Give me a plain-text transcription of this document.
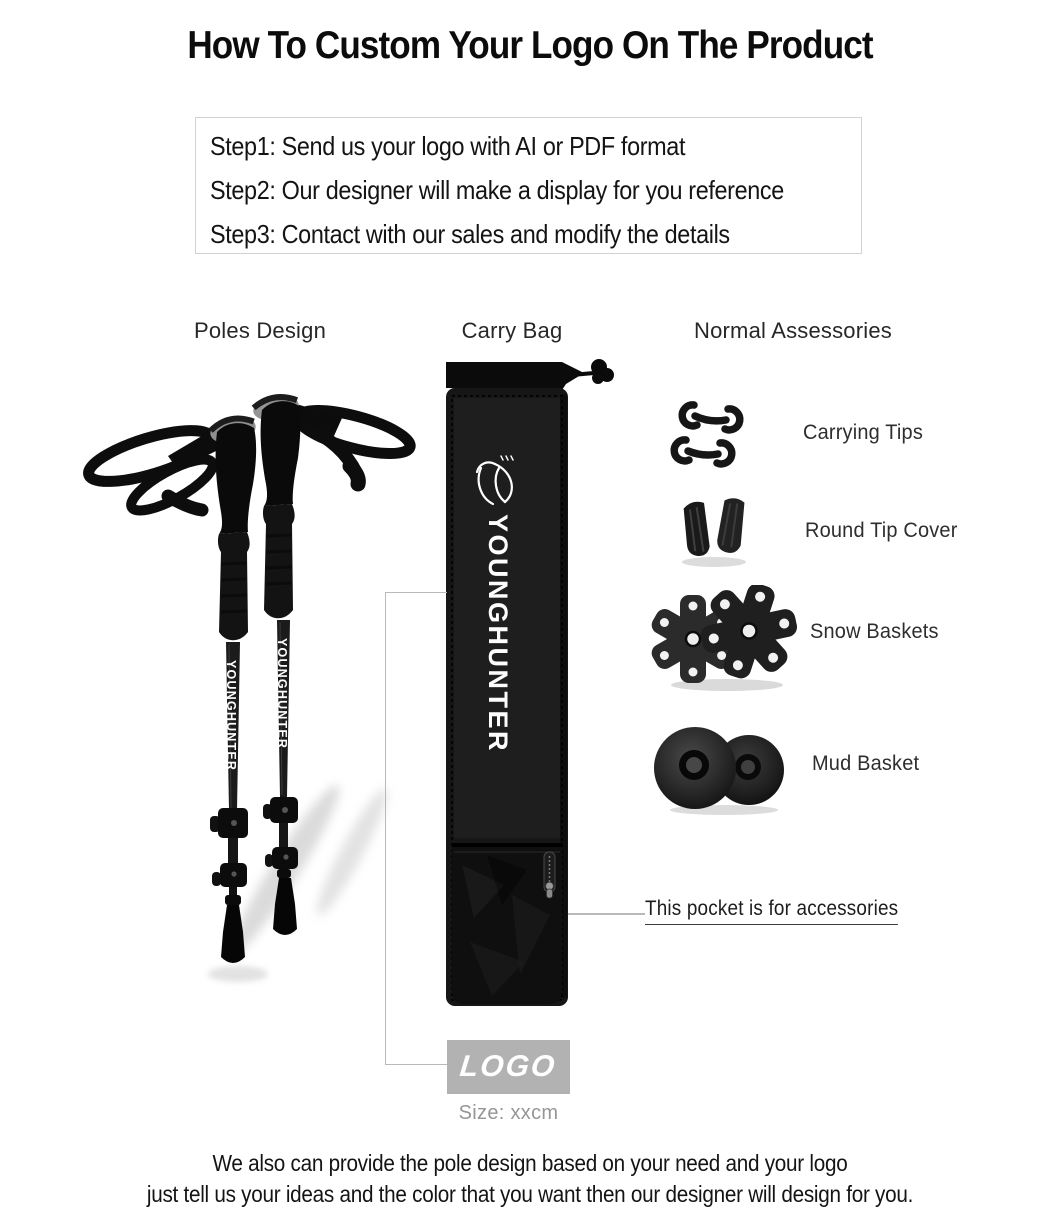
How To Custom Your Logo On The Product
Step1: Send us your logo with AI or PDF format
Step2: Our designer will make a display for you reference
Step3: Contact with our sales and modify the details
Poles Design	Carry Bag	Normal Assessories
YOUNGHUNTER	YOUNGHUNTER	YOUNGHUNTER
LOGO
Size: xxcm
This pocket is for accessories
Carrying Tips
Round Tip Cover
Snow Baskets
Mud Basket
We also can provide the pole design based on your need and your logo
just tell us your ideas and the color that you want then our designer will design for you.
